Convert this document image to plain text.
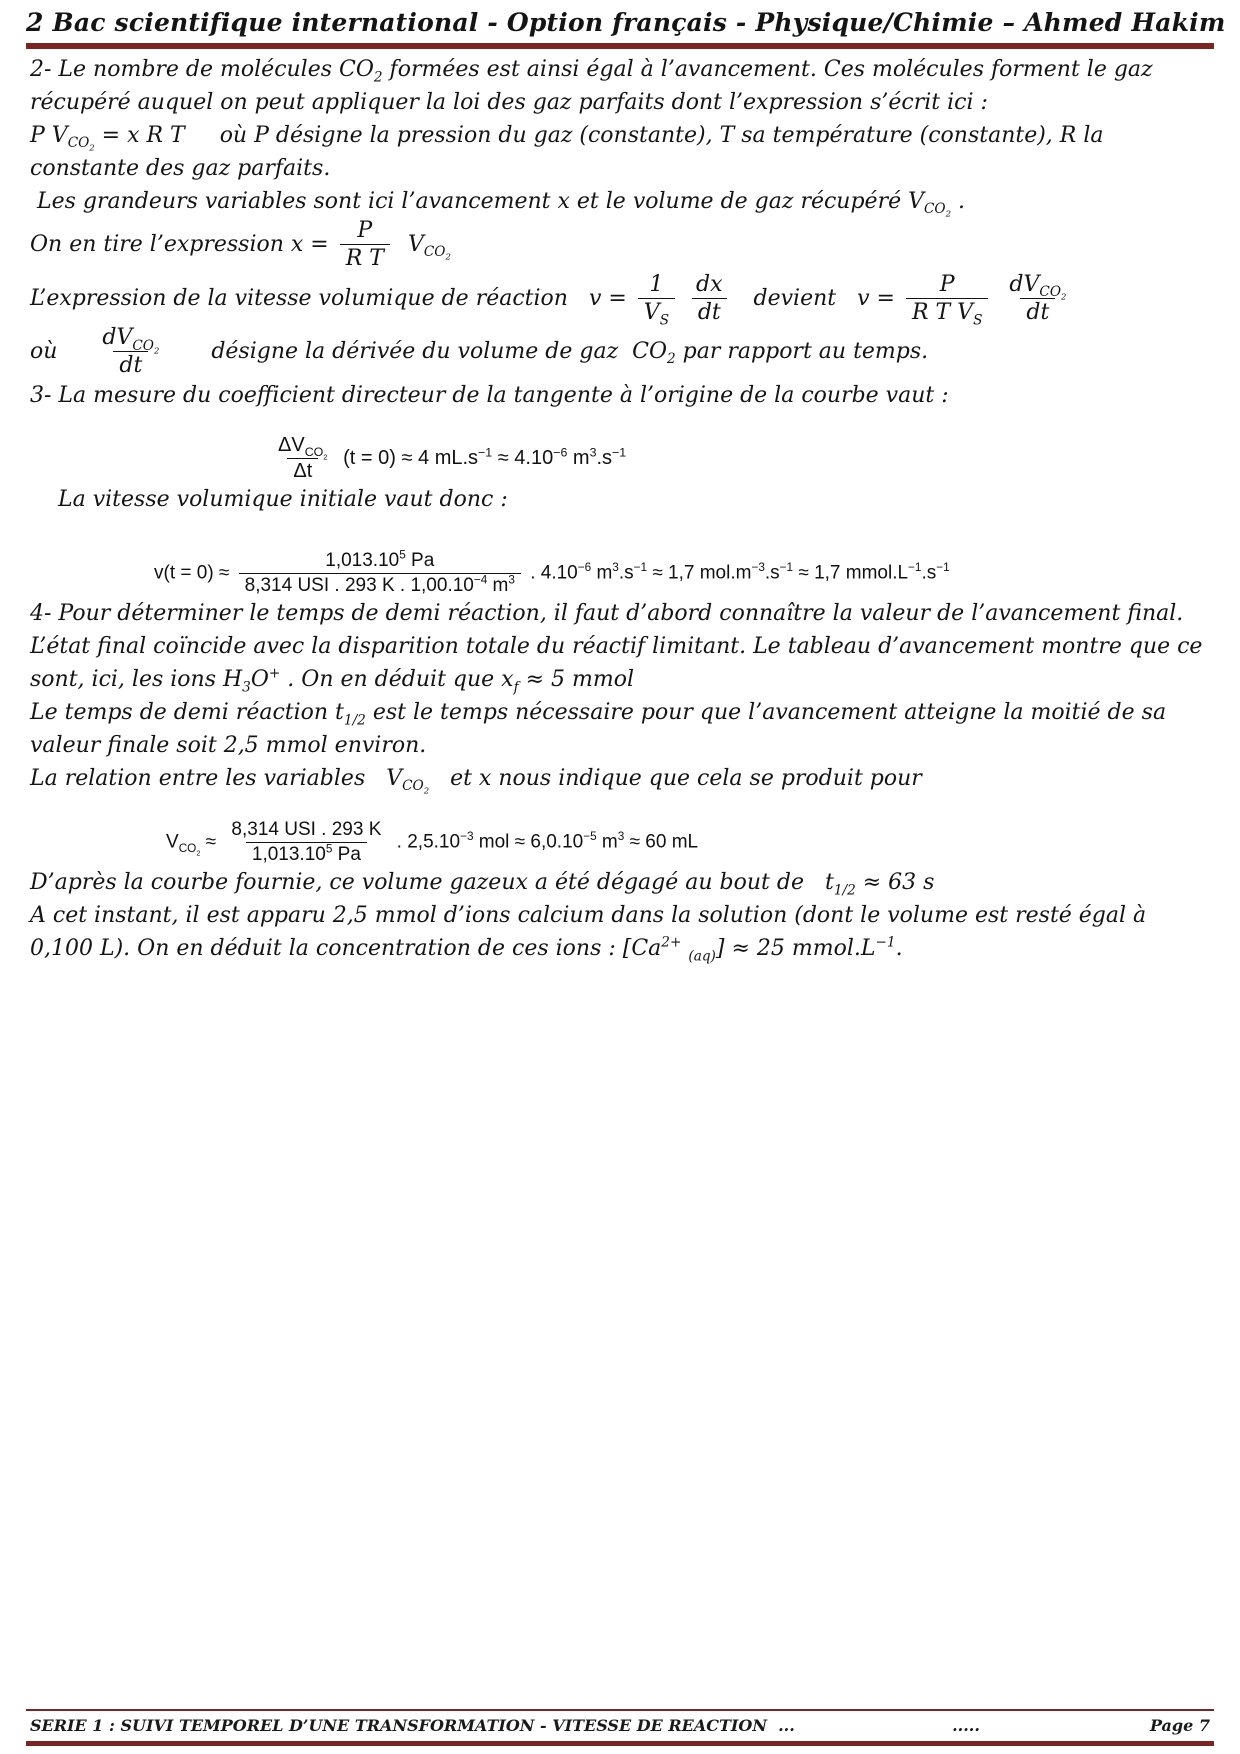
2 Bac scientifique international - Option français - Physique/Chimie – Ahmed Hakim

2- Le nombre de molécules $CO_2$ formées est ainsi égal à l’avancement. Ces molécules forment le gaz récupéré auquel on peut appliquer la loi des gaz parfaits dont l’expression s’écrit ici :

P $V_{CO_2} = x$ R T     où P désigne la pression du gaz (constante), T sa température (constante), R la constante des gaz parfaits.

Les grandeurs variables sont ici l’avancement x et le volume de gaz récupéré $V_{CO_2}$ .

On en tire l’expression $x = \frac{P}{\text{R T}} V_{CO_2}$

L’expression de la vitesse volumique de réaction   $v = \frac{1}{V_S}$
$\frac{dx}{dt}$ devient   $v = \frac{P}{R T V_S}$
$\frac{dV_{CO_2}}{dt}$

où $\frac{dV_{CO_2}}{dt}$ désigne la dérivée du volume de gaz  $CO_2$ par rapport au temps.

3- La mesure du coefficient directeur de la tangente à l’origine de la courbe vaut :

$\frac{\Delta V_{CO_2}}{\Delta t} (t = 0) \approx 4$ $mL.s^{-1} \approx 4.10^{-6}$ $m^3.s^{-1}$

La vitesse volumique initiale vaut donc :

$v(t = 0) \approx \frac{1,013.10^5 Pa}{8,314 USI . 293 K . 1,00.10^{-4} m^3}$ . $4.10^{-6}$ $m^3.s^{-1} \approx 1,7$ $mol.m^{-3}.s^{-1} \approx 1,7$ $mmol.L^{-1}.s^{-1}$

4- Pour déterminer le temps de demi réaction, il faut d’abord connaître la valeur de l’avancement final.

L’état final coïncide avec la disparition totale du réactif limitant. Le tableau d’avancement montre que ce sont, ici, les ions $H_3O^+$ . On en déduit que $x_f \approx 5$ mmol

Le temps de demi réaction $t_{1/2}$ est le temps nécessaire pour que l’avancement atteigne la moitié de sa valeur finale soit 2,5 mmol environ.

La relation entre les variables   $V_{CO_2}$   et x nous indique que cela se produit pour

$V_{CO_2} \approx \frac{\text{8,314 USI . 293 K}}{1,013.10^5 Pa}$ . $2,5.10^{-3}$ mol ≈ $6,0.10^{-5}$ $m^3 \approx 60$ mL

D’après la courbe fournie, ce volume gazeux a été dégagé au bout de   $t_{1/2} \approx 63$ s

A cet instant, il est apparu 2,5 mmol d’ions calcium dans la solution (dont le volume est resté égal à 0,100 L). On en déduit la concentration de ces ions : [$Ca^{2+}$ $_{(aq)}$] ≈ 25 $mmol.L^{-1}$.

SERIE 1 : SUIVI TEMPOREL D’UNE TRANSFORMATION - VITESSE DE REACTION  ...	.....	Page 7
